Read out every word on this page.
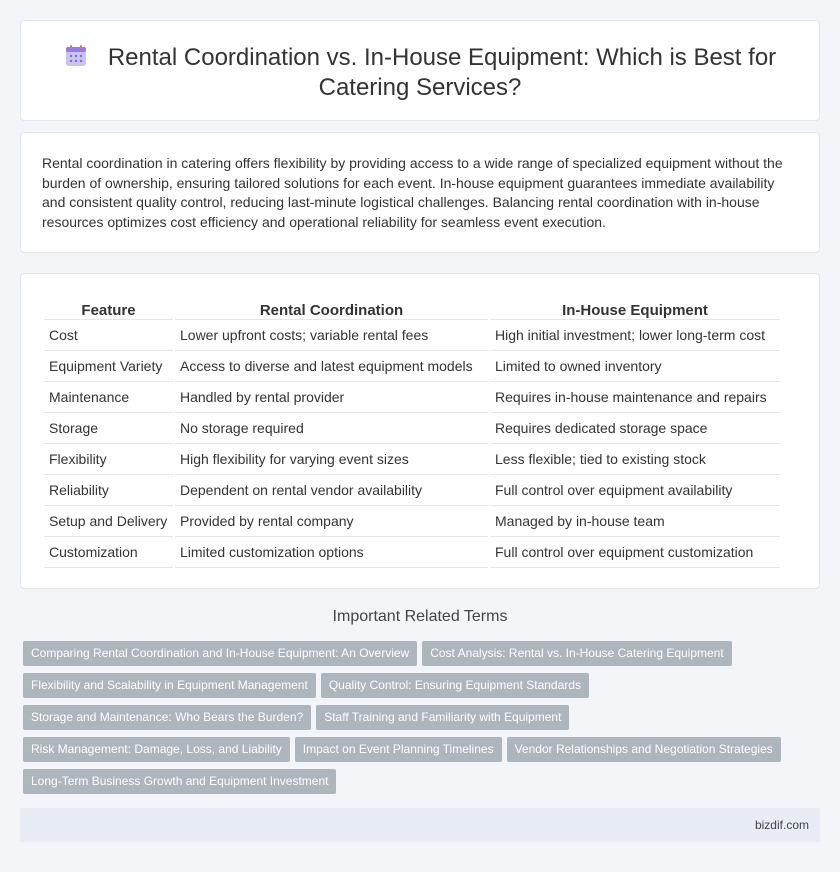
Rental Coordination vs. In-House Equipment: Which is Best for Catering Services?

Rental coordination in catering offers flexibility by providing access to a wide range of specialized equipment without the burden of ownership, ensuring tailored solutions for each event. In-house equipment guarantees immediate availability and consistent quality control, reducing last-minute logistical challenges. Balancing rental coordination with in-house resources optimizes cost efficiency and operational reliability for seamless event execution.

Feature	Rental Coordination	In-House Equipment
Cost	Lower upfront costs; variable rental fees	High initial investment; lower long-term cost
Equipment Variety	Access to diverse and latest equipment models	Limited to owned inventory
Maintenance	Handled by rental provider	Requires in-house maintenance and repairs
Storage	No storage required	Requires dedicated storage space
Flexibility	High flexibility for varying event sizes	Less flexible; tied to existing stock
Reliability	Dependent on rental vendor availability	Full control over equipment availability
Setup and Delivery	Provided by rental company	Managed by in-house team
Customization	Limited customization options	Full control over equipment customization
Important Related Terms
Comparing Rental Coordination and In-House Equipment: An Overview Cost Analysis: Rental vs. In-House Catering Equipment
Flexibility and Scalability in Equipment Management Quality Control: Ensuring Equipment Standards
Storage and Maintenance: Who Bears the Burden? Staff Training and Familiarity with Equipment
Risk Management: Damage, Loss, and Liability Impact on Event Planning Timelines Vendor Relationships and Negotiation Strategies
Long-Term Business Growth and Equipment Investment
bizdif.com
